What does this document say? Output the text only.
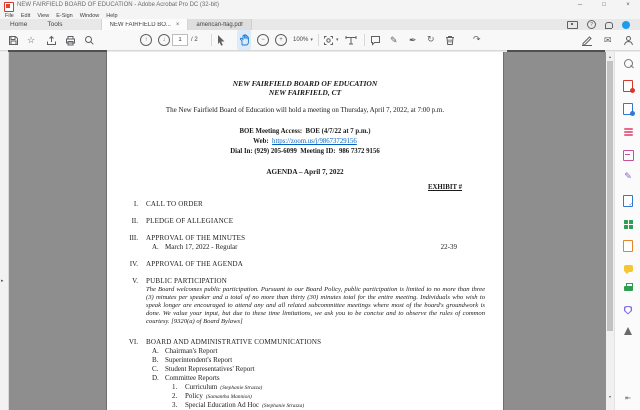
NEW FAIRFIELD BOARD OF EDUCATION - Adobe Acrobat Pro DC (32-bit)	─	□	×
File Edit View E-Sign Window Help
Home	Tools	NEW FAIRFIELD BO... ×	american-flag.pdf	?
☆	↑	↓
1	/ 2	−	+	100% ▾	▾	✎ ✒ ↻	↷	✉
▸
NEW FAIRFIELD BOARD OF EDUCATION
NEW FAIRFIELD, CT
The New Fairfield Board of Education will hold a meeting on Thursday, April 7, 2022, at 7:00 p.m.
BOE Meeting Access:  BOE (4/7/22 at 7 p.m.)
Web:  https://zoom.us/j/98673729156
Dial In: (929) 205-6099  Meeting ID:  986 7372 9156
AGENDA – April 7, 2022
EXHIBIT #
I.	CALL TO ORDER
II.	PLEDGE OF ALLEGIANCE
III.	APPROVAL OF THE MINUTES
A. March 17, 2022 - Regular	22-39
IV.	APPROVAL OF THE AGENDA
V.	PUBLIC PARTICIPATION
The Board welcomes public participation. Pursuant to our Board Policy, public participation is limited to no more than three (3) minutes per speaker and a total of no more than thirty (30) minutes total for the entire meeting. Individuals who wish to speak longer are encouraged to attend any and all related subcommittee meetings where most of the board's groundwork is done. We value your input, but due to these time limitations, we ask you to be concise and to observe the rules of common courtesy. [9320(a) of Board Bylaws]
VI.	BOARD AND ADMINISTRATIVE COMMUNICATIONS
A. Chairman's Report
B. Superintendent's Report
C. Student Representatives' Report
D. Committee Reports
1.	Curriculum (Stephanie Strazza)
2.	Policy (Samantha Mannion)
3.	Special Education Ad Hoc (Stephanie Strazza)
▴
▾
✎
✓
⇤
